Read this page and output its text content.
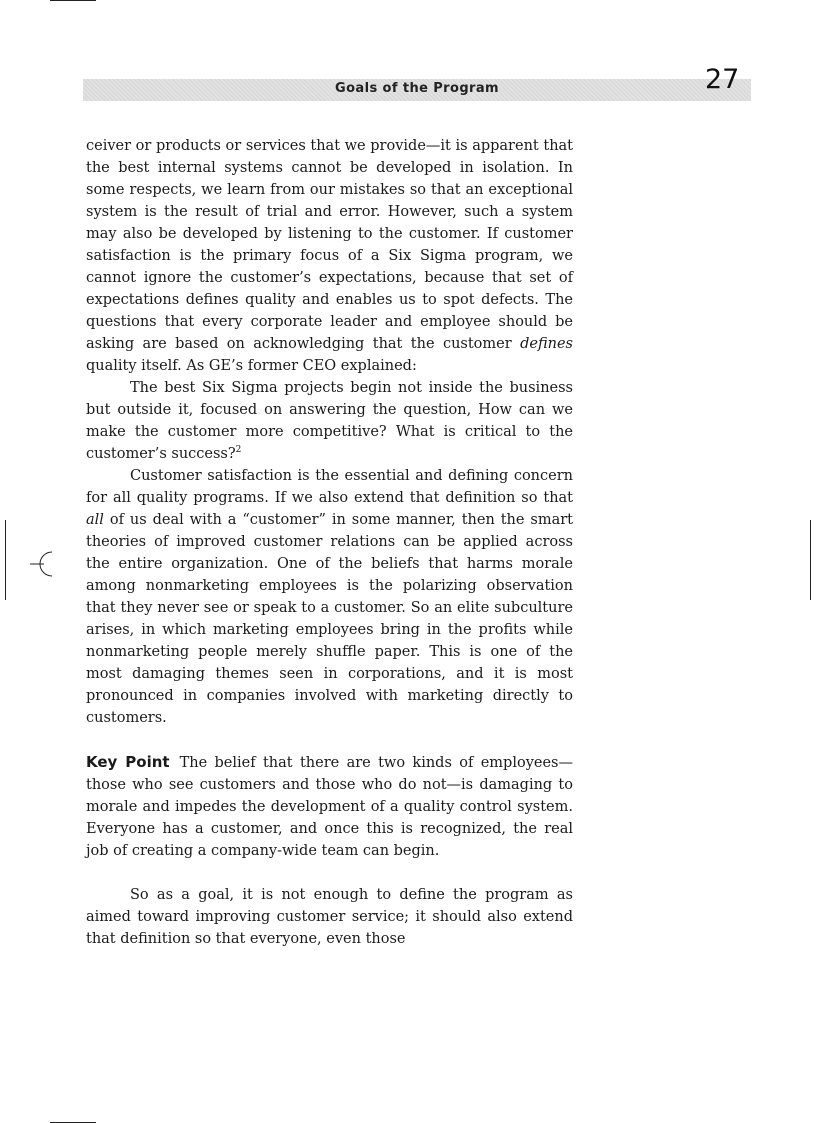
Goals of the Program	27

ceiver or products or services that we provide—it is apparent that the best internal systems cannot be developed in isolation. In some respects, we learn from our mistakes so that an exceptional system is the result of trial and error. However, such a system may also be developed by listening to the customer. If customer satisfaction is the primary focus of a Six Sigma program, we cannot ignore the customer’s expectations, because that set of expectations defines quality and enables us to spot defects. The questions that every corporate leader and employee should be asking are based on acknowledging that the customer defines quality itself. As GE’s former CEO explained:

The best Six Sigma projects begin not inside the business but outside it, focused on answering the question, How can we make the customer more competitive? What is critical to the customer’s success?$^2$

Customer satisfaction is the essential and defining concern for all quality programs. If we also extend that definition so that all of us deal with a “customer” in some manner, then the smart theories of improved customer relations can be applied across the entire organization. One of the beliefs that harms morale among nonmarketing employees is the polarizing observation that they never see or speak to a customer. So an elite subculture arises, in which marketing employees bring in the profits while nonmarketing people merely shuffle paper. This is one of the most damaging themes seen in corporations, and it is most pronounced in companies involved with marketing directly to customers.

Key Point The belief that there are two kinds of employees—those who see customers and those who do not—is damaging to morale and impedes the development of a quality control system. Everyone has a customer, and once this is recognized, the real job of creating a company-wide team can begin.

So as a goal, it is not enough to define the program as aimed toward improving customer service; it should also extend that definition so that everyone, even those
